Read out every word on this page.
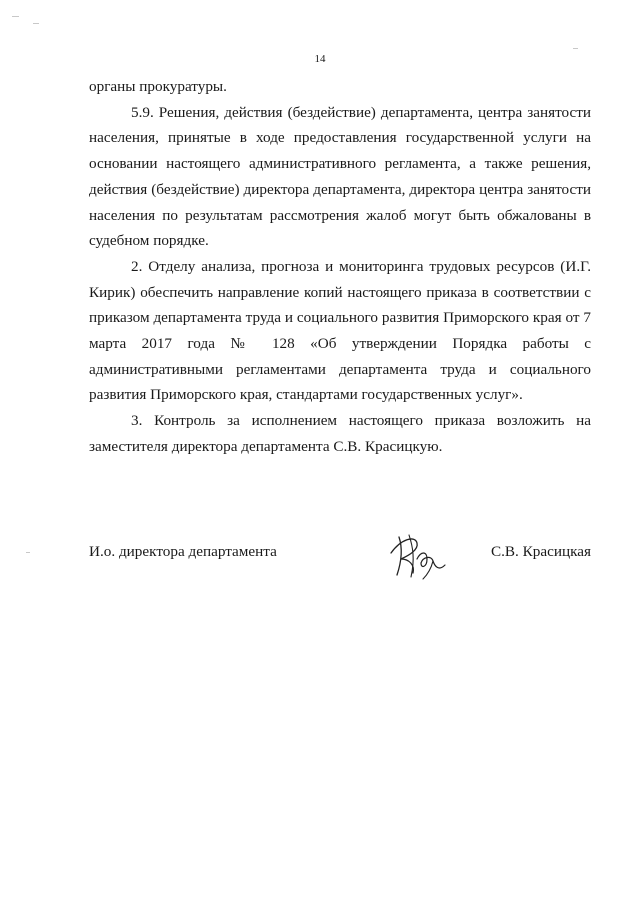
14

органы прокуратуры.

5.9. Решения, действия (бездействие) департамента, центра занятости населения, принятые в ходе предоставления государственной услуги на основании настоящего административного регламента, а также решения, действия (бездействие) директора департамента, директора центра занятости населения по результатам рассмотрения жалоб могут быть обжалованы в судебном порядке.

2. Отделу анализа, прогноза и мониторинга трудовых ресурсов (И.Г. Кирик) обеспечить направление копий настоящего приказа в соответствии с приказом департамента труда и социального развития Приморского края от 7 марта 2017 года № 128 «Об утверждении Порядка работы с административными регламентами департамента труда и социального развития Приморского края, стандартами государственных услуг».

3. Контроль за исполнением настоящего приказа возложить на заместителя директора департамента С.В. Красицкую.

И.о. директора департамента	С.В. Красицкая
